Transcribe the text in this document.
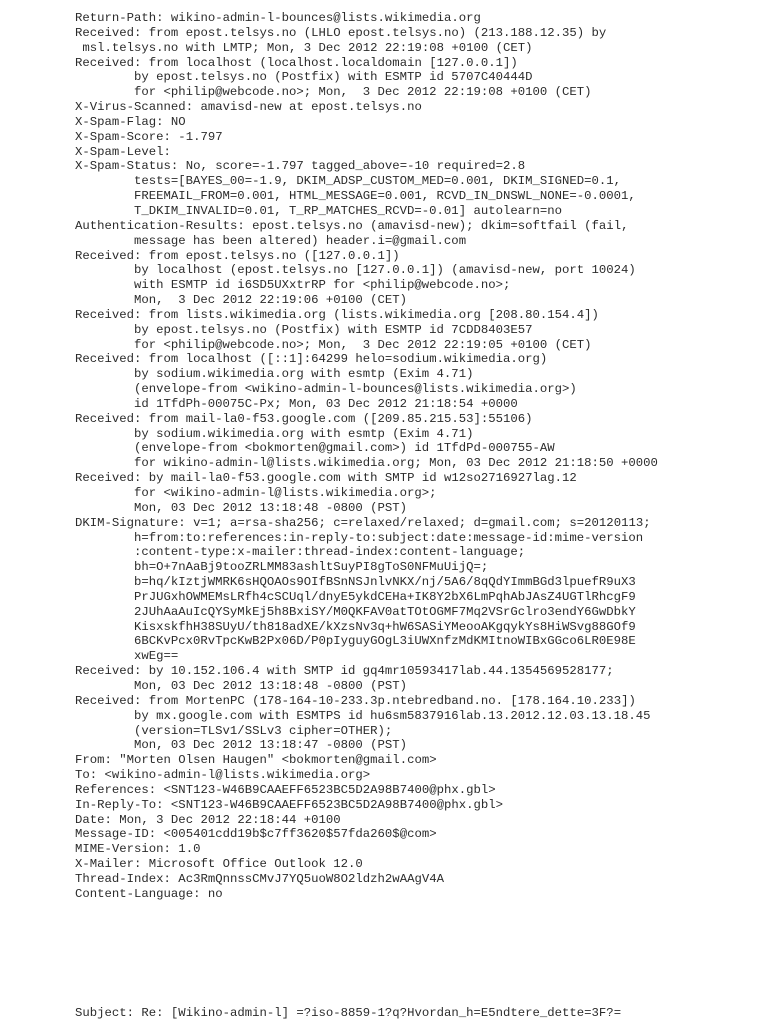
Return-Path: wikino-admin-l-bounces@lists.wikimedia.org
Received: from epost.telsys.no (LHLO epost.telsys.no) (213.188.12.35) by
msl.telsys.no with LMTP; Mon, 3 Dec 2012 22:19:08 +0100 (CET)
Received: from localhost (localhost.localdomain [127.0.0.1])
by epost.telsys.no (Postfix) with ESMTP id 5707C40444D
for <philip@webcode.no>; Mon,  3 Dec 2012 22:19:08 +0100 (CET)
X-Virus-Scanned: amavisd-new at epost.telsys.no
X-Spam-Flag: NO
X-Spam-Score: -1.797
X-Spam-Level:
X-Spam-Status: No, score=-1.797 tagged_above=-10 required=2.8
tests=[BAYES_00=-1.9, DKIM_ADSP_CUSTOM_MED=0.001, DKIM_SIGNED=0.1,
FREEMAIL_FROM=0.001, HTML_MESSAGE=0.001, RCVD_IN_DNSWL_NONE=-0.0001,
T_DKIM_INVALID=0.01, T_RP_MATCHES_RCVD=-0.01] autolearn=no
Authentication-Results: epost.telsys.no (amavisd-new); dkim=softfail (fail,
message has been altered) header.i=@gmail.com
Received: from epost.telsys.no ([127.0.0.1])
by localhost (epost.telsys.no [127.0.0.1]) (amavisd-new, port 10024)
with ESMTP id i6SD5UXxtrRP for <philip@webcode.no>;
Mon,  3 Dec 2012 22:19:06 +0100 (CET)
Received: from lists.wikimedia.org (lists.wikimedia.org [208.80.154.4])
by epost.telsys.no (Postfix) with ESMTP id 7CDD8403E57
for <philip@webcode.no>; Mon,  3 Dec 2012 22:19:05 +0100 (CET)
Received: from localhost ([::1]:64299 helo=sodium.wikimedia.org)
by sodium.wikimedia.org with esmtp (Exim 4.71)
(envelope-from <wikino-admin-l-bounces@lists.wikimedia.org>)
id 1TfdPh-00075C-Px; Mon, 03 Dec 2012 21:18:54 +0000
Received: from mail-la0-f53.google.com ([209.85.215.53]:55106)
by sodium.wikimedia.org with esmtp (Exim 4.71)
(envelope-from <bokmorten@gmail.com>) id 1TfdPd-000755-AW
for wikino-admin-l@lists.wikimedia.org; Mon, 03 Dec 2012 21:18:50 +0000
Received: by mail-la0-f53.google.com with SMTP id w12so2716927lag.12
for <wikino-admin-l@lists.wikimedia.org>;
Mon, 03 Dec 2012 13:18:48 -0800 (PST)
DKIM-Signature: v=1; a=rsa-sha256; c=relaxed/relaxed; d=gmail.com; s=20120113;
h=from:to:references:in-reply-to:subject:date:message-id:mime-version
:content-type:x-mailer:thread-index:content-language;
bh=O+7nAaBj9tooZRLMM83ashltSuyPI8gToS0NFMuUijQ=;
b=hq/kIztjWMRK6sHQOAOs9OIfBSnNSJnlvNKX/nj/5A6/8qQdYImmBGd3lpuefR9uX3
PrJUGxhOWMEMsLRfh4cSCUql/dnyE5ykdCEHa+IK8Y2bX6LmPqhAbJAsZ4UGTlRhcgF9
2JUhAaAuIcQYSyMkEj5h8BxiSY/M0QKFAV0atTOtOGMF7Mq2VSrGclro3endY6GwDbkY
KisxskfhH38SUyU/th818adXE/kXzsNv3q+hW6SASiYMeooAKgqykYs8HiWSvg88GOf9
6BCKvPcx0RvTpcKwB2Px06D/P0pIyguyGOgL3iUWXnfzMdKMItnoWIBxGGco6LR0E98E
xwEg==
Received: by 10.152.106.4 with SMTP id gq4mr10593417lab.44.1354569528177;
Mon, 03 Dec 2012 13:18:48 -0800 (PST)
Received: from MortenPC (178-164-10-233.3p.ntebredband.no. [178.164.10.233])
by mx.google.com with ESMTPS id hu6sm5837916lab.13.2012.12.03.13.18.45
(version=TLSv1/SSLv3 cipher=OTHER);
Mon, 03 Dec 2012 13:18:47 -0800 (PST)
From: "Morten Olsen Haugen" <bokmorten@gmail.com>
To: <wikino-admin-l@lists.wikimedia.org>
References: <SNT123-W46B9CAAEFF6523BC5D2A98B7400@phx.gbl>
In-Reply-To: <SNT123-W46B9CAAEFF6523BC5D2A98B7400@phx.gbl>
Date: Mon, 3 Dec 2012 22:18:44 +0100
Message-ID: <005401cdd19b$c7ff3620$57fda260$@com>
MIME-Version: 1.0
X-Mailer: Microsoft Office Outlook 12.0
Thread-Index: Ac3RmQnnssCMvJ7YQ5uoW8O2ldzh2wAAgV4A
Content-Language: no
Subject: Re: [Wikino-admin-l] =?iso-8859-1?q?Hvordan_h=E5ndtere_dette=3F?=
